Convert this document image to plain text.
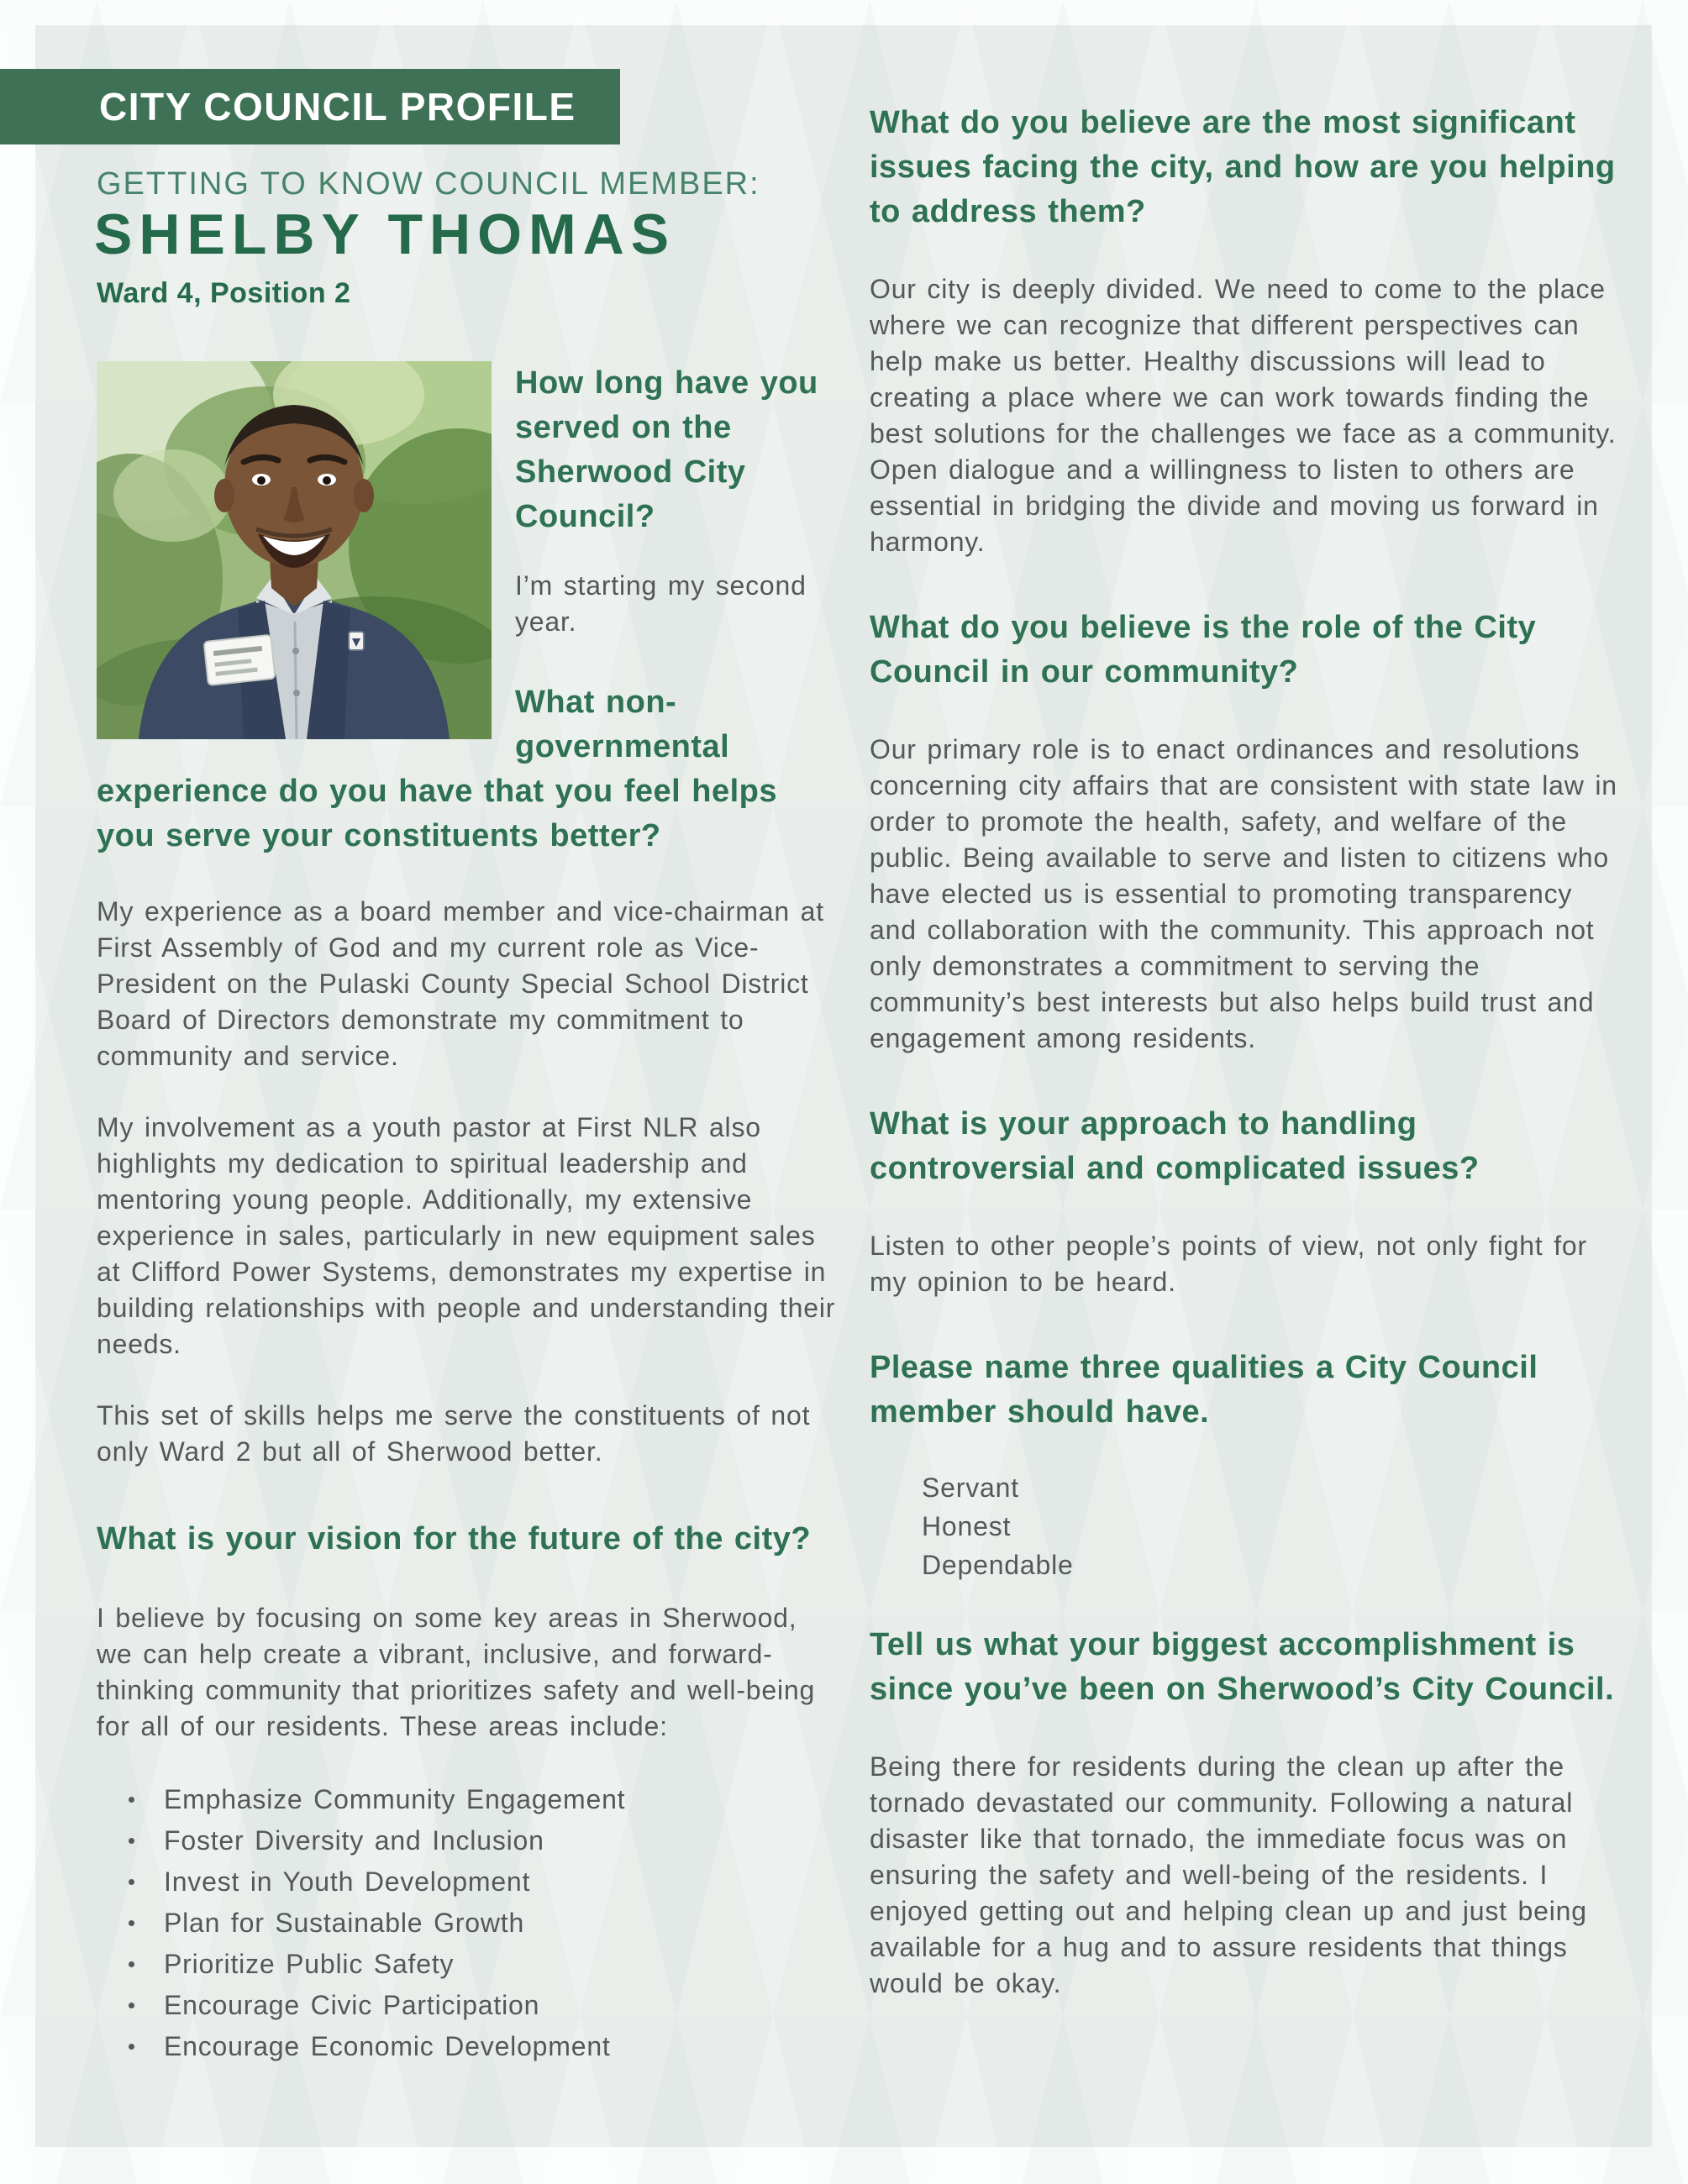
CITY COUNCIL PROFILE
GETTING TO KNOW COUNCIL MEMBER:
SHELBY THOMAS
Ward 4, Position 2
How long have you served on the Sherwood City Council?

I’m starting my second year.

What non-governmental experience do you have that you feel helps you serve your constituents better?

My experience as a board member and vice-chairman at First Assembly of God and my current role as Vice-President on the Pulaski County Special School District Board of Directors demonstrate my commitment to community and service.

My involvement as a youth pastor at First NLR also highlights my dedication to spiritual leadership and mentoring young people. Additionally, my extensive experience in sales, particularly in new equipment sales at Clifford Power Systems, demonstrates my expertise in building relationships with people and understanding their needs.

This set of skills helps me serve the constituents of not only Ward 2 but all of Sherwood better.

What is your vision for the future of the city?

I believe by focusing on some key areas in Sherwood, we can help create a vibrant, inclusive, and forward-thinking community that prioritizes safety and well-being for all of our residents. These areas include:

Emphasize Community Engagement
Foster Diversity and Inclusion
Invest in Youth Development
Plan for Sustainable Growth
Prioritize Public Safety
Encourage Civic Participation
Encourage Economic Development
What do you believe are the most significant issues facing the city, and how are you helping to address them?

Our city is deeply divided. We need to come to the place where we can recognize that different perspectives can help make us better. Healthy discussions will lead to creating a place where we can work towards finding the best solutions for the challenges we face as a community. Open dialogue and a willingness to listen to others are essential in bridging the divide and moving us forward in harmony.

What do you believe is the role of the City Council in our community?

Our primary role is to enact ordinances and resolutions concerning city affairs that are consistent with state law in order to promote the health, safety, and welfare of the public. Being available to serve and listen to citizens who have elected us is essential to promoting transparency and collaboration with the community. This approach not only demonstrates a commitment to serving the community’s best interests but also helps build trust and engagement among residents.

What is your approach to handling controversial and complicated issues?

Listen to other people’s points of view, not only fight for my opinion to be heard.

Please name three qualities a City Council member should have.
Servant
Honest
Dependable
Tell us what your biggest accomplishment is since you’ve been on Sherwood’s City Council.

Being there for residents during the clean up after the tornado devastated our community. Following a natural disaster like that tornado, the immediate focus was on ensuring the safety and well-being of the residents. I enjoyed getting out and helping clean up and just being available for a hug and to assure residents that things would be okay.
